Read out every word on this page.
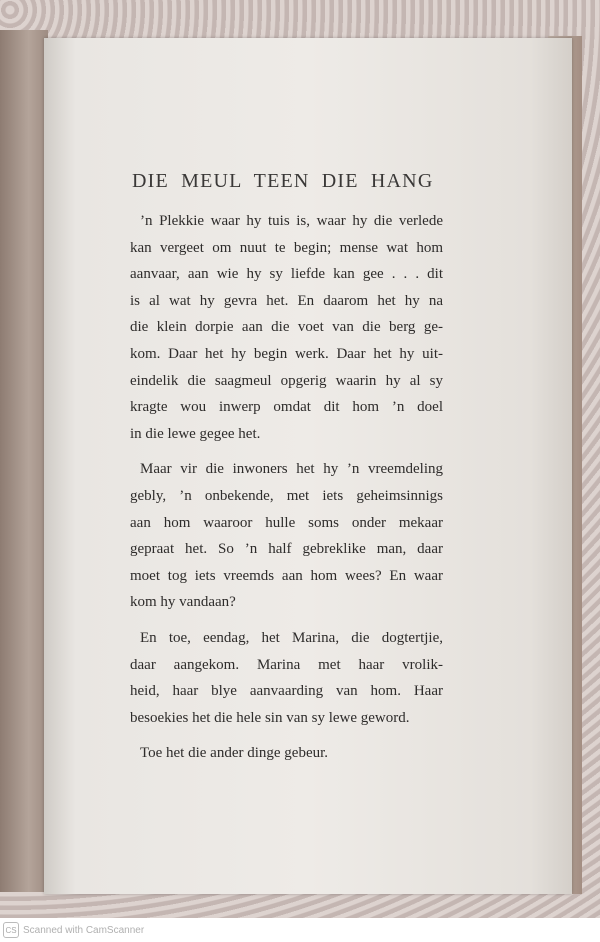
DIE MEUL TEEN DIE HANG
’n Plekkie waar hy tuis is, waar hy die verlede
kan vergeet om nuut te begin; mense wat hom
aanvaar, aan wie hy sy liefde kan gee . . . dit
is al wat hy gevra het. En daarom het hy na
die klein dorpie aan die voet van die berg ge-
kom. Daar het hy begin werk. Daar het hy uit-
eindelik die saagmeul opgerig waarin hy al sy
kragte wou inwerp omdat dit hom ’n doel
in die lewe gegee het.
Maar vir die inwoners het hy ’n vreemdeling
gebly, ’n onbekende, met iets geheimsinnigs
aan hom waaroor hulle soms onder mekaar
gepraat het. So ’n half gebreklike man, daar
moet tog iets vreemds aan hom wees? En waar
kom hy vandaan?
En toe, eendag, het Marina, die dogtertjie,
daar aangekom. Marina met haar vrolik-
heid, haar blye aanvaarding van hom. Haar
besoekies het die hele sin van sy lewe geword.
Toe het die ander dinge gebeur.
CS Scanned with CamScanner
